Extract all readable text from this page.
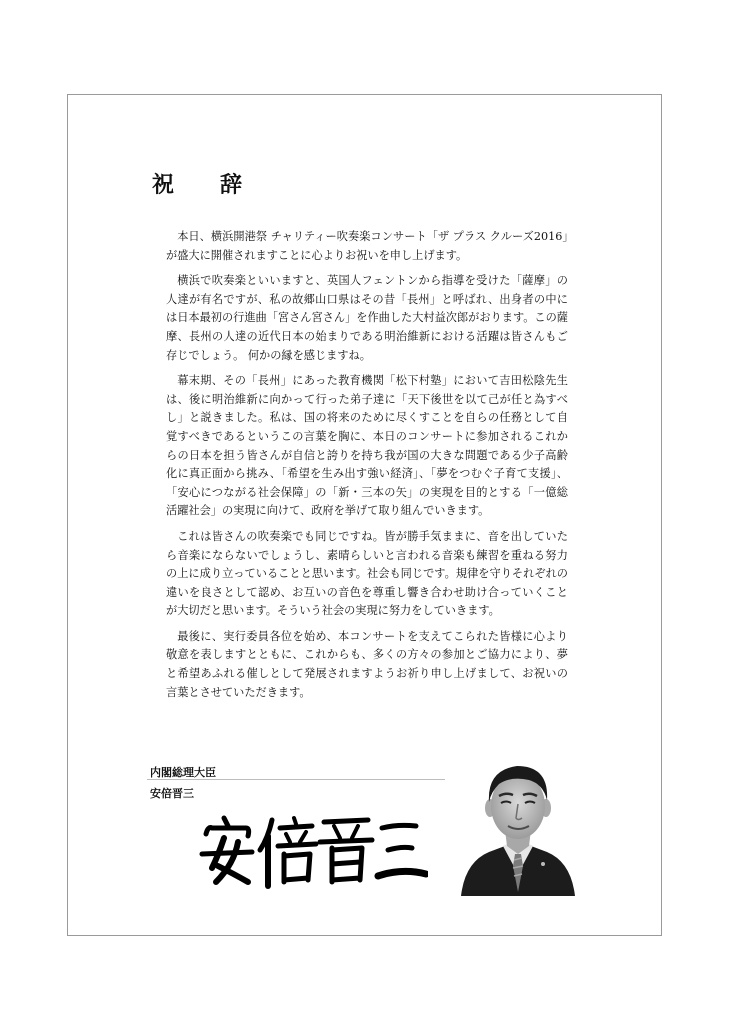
祝　辞

本日、横浜開港祭 チャリティー吹奏楽コンサート「ザ プラス クルーズ2016」が盛大に開催されますことに心よりお祝いを申し上げます。

横浜で吹奏楽といいますと、英国人フェントンから指導を受けた「薩摩」の人達が有名ですが、私の故郷山口県はその昔「長州」と呼ばれ、出身者の中には日本最初の行進曲「宮さん宮さん」を作曲した大村益次郎がおります。この薩摩、長州の人達の近代日本の始まりである明治維新における活躍は皆さんもご存じでしょう。 何かの縁を感じますね。

幕末期、その「長州」にあった教育機関「松下村塾」において吉田松陰先生は、後に明治維新に向かって行った弟子達に「天下後世を以て己が任と為すべし」と説きました。私は、国の将来のために尽くすことを自らの任務として自覚すべきであるというこの言葉を胸に、本日のコンサートに参加されるこれからの日本を担う皆さんが自信と誇りを持ち我が国の大きな問題である少子高齢化に真正面から挑み、「希望を生み出す強い経済」、「夢をつむぐ子育て支援」、「安心につながる社会保障」の「新・三本の矢」の実現を目的とする「一億総活躍社会」の実現に向けて、政府を挙げて取り組んでいきます。

これは皆さんの吹奏楽でも同じですね。皆が勝手気ままに、音を出していたら音楽にならないでしょうし、素晴らしいと言われる音楽も練習を重ねる努力の上に成り立っていることと思います。社会も同じです。規律を守りそれぞれの違いを良さとして認め、お互いの音色を尊重し響き合わせ助け合っていくことが大切だと思います。そういう社会の実現に努力をしていきます。

最後に、実行委員各位を始め、本コンサートを支えてこられた皆様に心より敬意を表しますとともに、これからも、多くの方々の参加とご協力により、夢と希望あふれる催しとして発展されますようお祈り申し上げまして、お祝いの言葉とさせていただきます。

内閣総理大臣
安倍晋三
